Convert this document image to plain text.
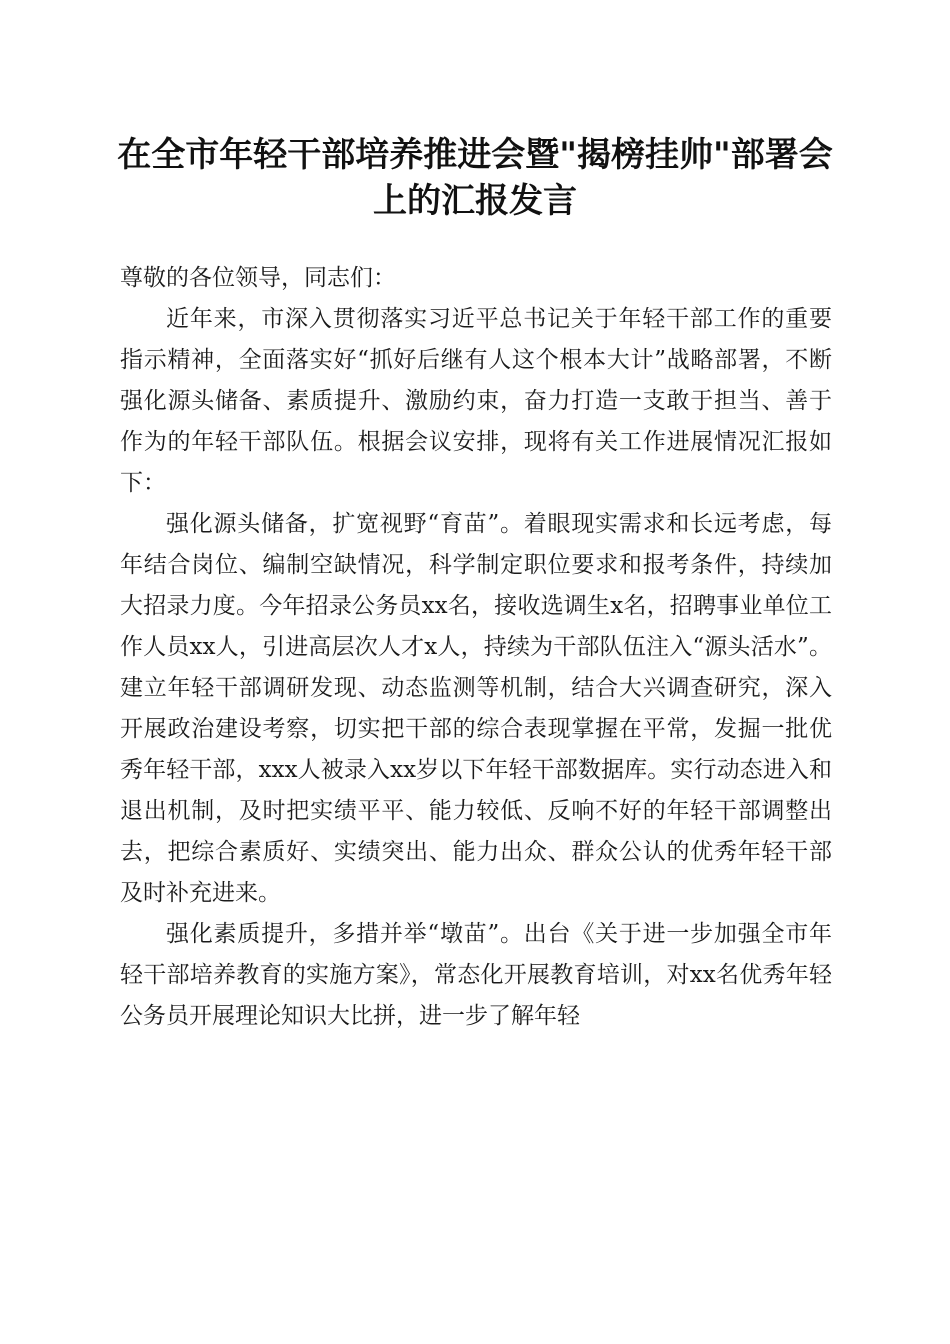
在全市年轻干部培养推进会暨"揭榜挂帅"部署会上的汇报发言

尊敬的各位领导，同志们：

近年来，市深入贯彻落实习近平总书记关于年轻干部工作的重要指示精神，全面落实好“抓好后继有人这个根本大计”战略部署，不断强化源头储备、素质提升、激励约束，奋力打造一支敢于担当、善于作为的年轻干部队伍。根据会议安排，现将有关工作进展情况汇报如下：

强化源头储备，扩宽视野“育苗”。着眼现实需求和长远考虑，每年结合岗位、编制空缺情况，科学制定职位要求和报考条件，持续加大招录力度。今年招录公务员xx名，接收选调生x名，招聘事业单位工作人员xx人，引进高层次人才x人，持续为干部队伍注入“源头活水”。建立年轻干部调研发现、动态监测等机制，结合大兴调查研究，深入开展政治建设考察，切实把干部的综合表现掌握在平常，发掘一批优秀年轻干部，xxx人被录入xx岁以下年轻干部数据库。实行动态进入和退出机制，及时把实绩平平、能力较低、反响不好的年轻干部调整出去，把综合素质好、实绩突出、能力出众、群众公认的优秀年轻干部及时补充进来。

强化素质提升，多措并举“墩苗”。出台《关于进一步加强全市年轻干部培养教育的实施方案》，常态化开展教育培训，对xx名优秀年轻公务员开展理论知识大比拼，进一步了解年轻
